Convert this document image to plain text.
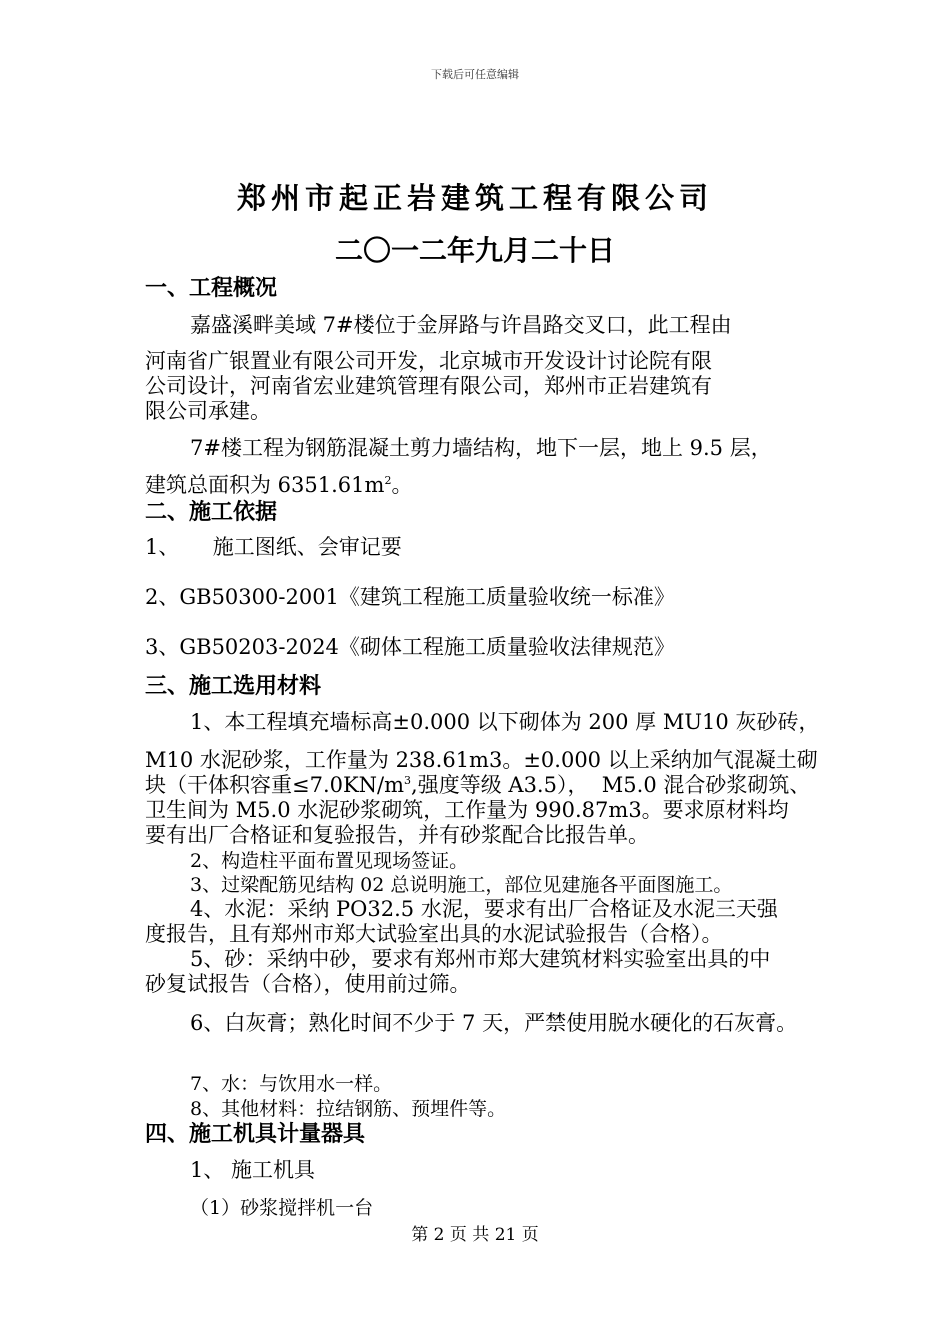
下载后可任意编辑
郑州市起正岩建筑工程有限公司
二〇一二年九月二十日
一、工程概况
嘉盛溪畔美域 7#楼位于金屏路与许昌路交叉口，此工程由
河南省广银置业有限公司开发，北京城市开发设计讨论院有限
公司设计，河南省宏业建筑管理有限公司，郑州市正岩建筑有
限公司承建。
7#楼工程为钢筋混凝土剪力墙结构，地下一层，地上 9.5 层，
建筑总面积为 $6351.61m^2$。
二、施工依据
1、     施工图纸、会审记要
2、GB50300-2001《建筑工程施工质量验收统一标准》
3、GB50203-2024《砌体工程施工质量验收法律规范》
三、施工选用材料
1、本工程填充墙标高±0.000 以下砌体为 200 厚 MU10 灰砂砖，
M10 水泥砂浆，工作量为 238.61m3。±0.000 以上采纳加气混凝土砌
块（干体积容重$\le 7.0KN/m^3$,强度等级 A3.5），  M5.0 混合砂浆砌筑、
卫生间为 M5.0 水泥砂浆砌筑，工作量为 990.87m3。要求原材料均
要有出厂合格证和复验报告，并有砂浆配合比报告单。
2、构造柱平面布置见现场签证。
3、过梁配筋见结构 02 总说明施工，部位见建施各平面图施工。
4、水泥：采纳 PO32.5 水泥，要求有出厂合格证及水泥三天强
度报告，且有郑州市郑大试验室出具的水泥试验报告（合格）。
5、砂：采纳中砂，要求有郑州市郑大建筑材料实验室出具的中
砂复试报告（合格），使用前过筛。
6、白灰膏；熟化时间不少于 7 天，严禁使用脱水硬化的石灰膏。
7、水：与饮用水一样。
8、其他材料：拉结钢筋、预埋件等。
四、施工机具计量器具
1、 施工机具
（1）砂浆搅拌机一台
第 2 页 共 21 页
